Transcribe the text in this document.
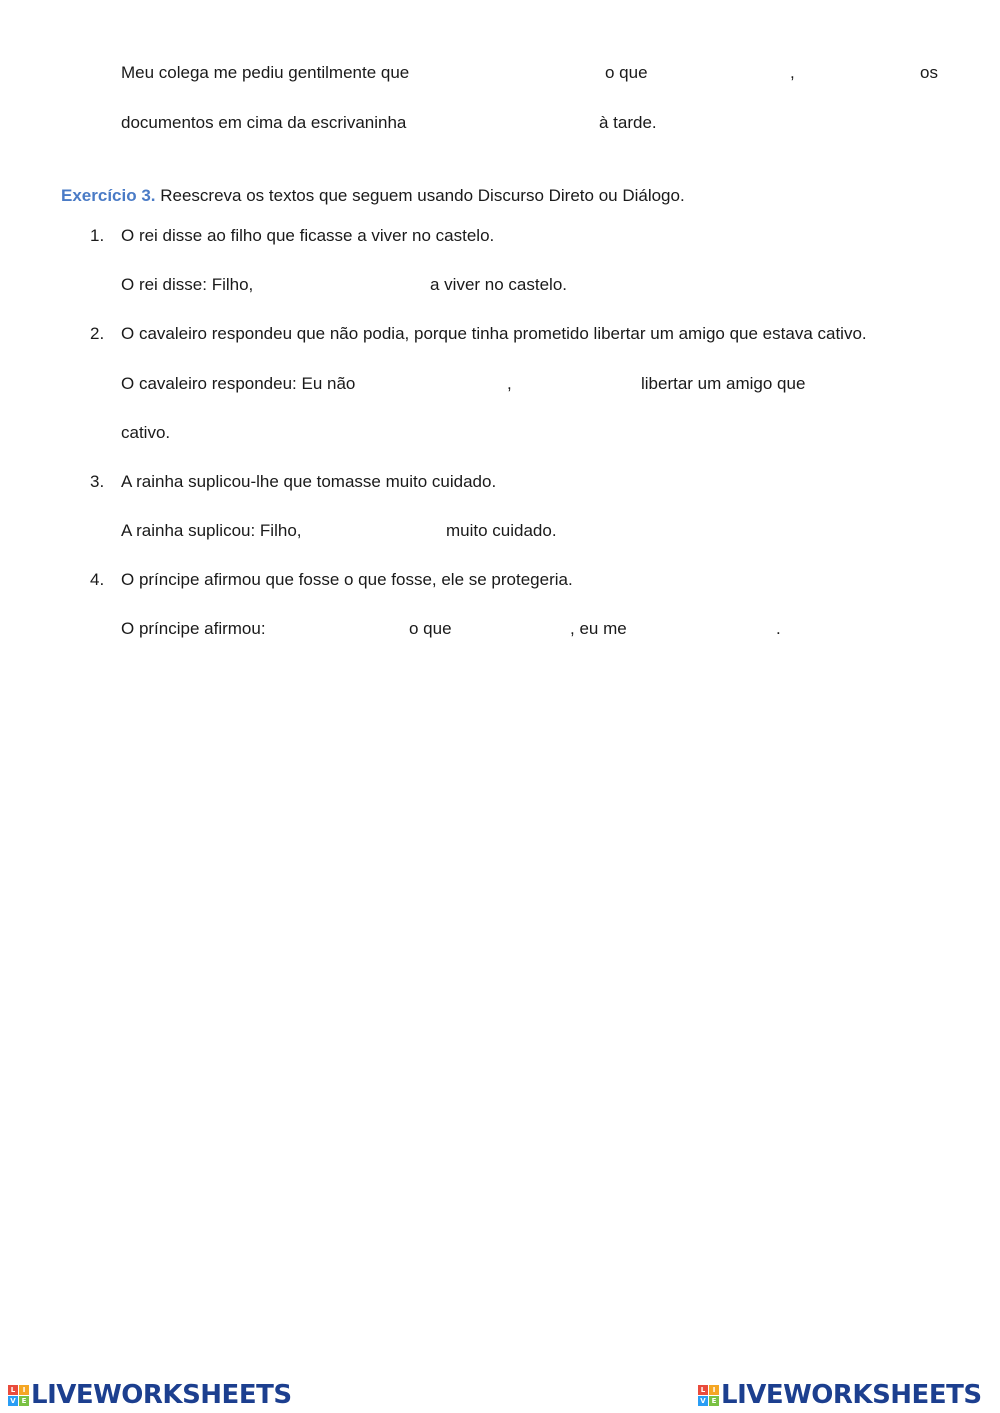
Meu colega me pediu gentilmente que	o que	,	os
documentos em cima da escrivaninha	à tarde.
Exercício 3. Reescreva os textos que seguem usando Discurso Direto ou Diálogo.
1. O rei disse ao filho que ficasse a viver no castelo.
O rei disse: Filho,	a viver no castelo.
2. O cavaleiro respondeu que não podia, porque tinha prometido libertar um amigo que estava cativo.
O cavaleiro respondeu: Eu não	,	libertar um amigo que
cativo.
3. A rainha suplicou-lhe que tomasse muito cuidado.
A rainha suplicou: Filho,	muito cuidado.
4. O príncipe afirmou que fosse o que fosse, ele se protegeria.
O príncipe afirmou:	o que	, eu me	.
L	I
V E LIVEWORKSHEETS	L	I
V E LIVEWORKSHEETS
